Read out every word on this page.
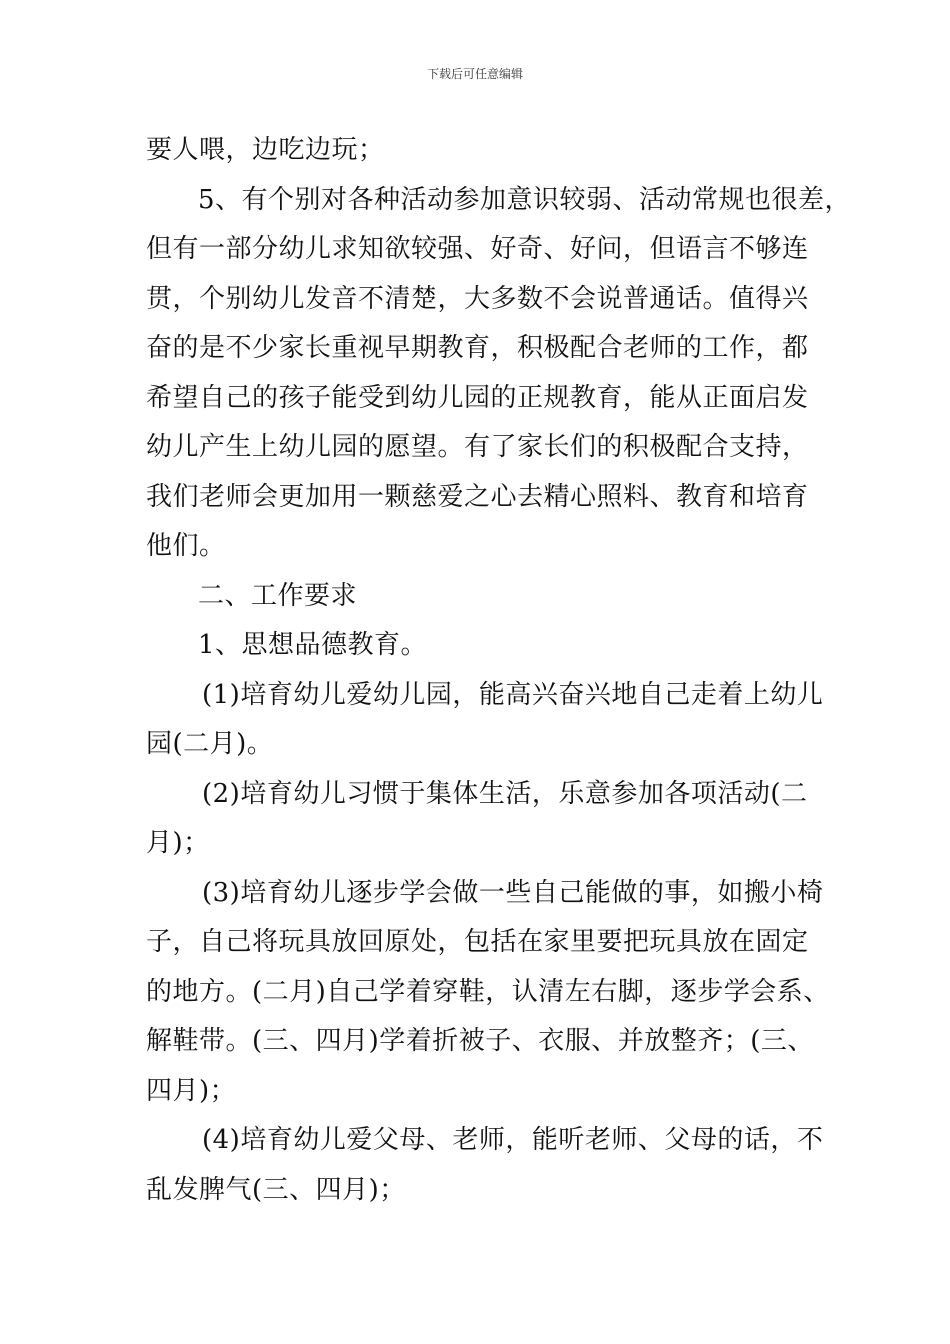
下载后可任意编辑

要人喂，边吃边玩；

5、有个别对各种活动参加意识较弱、活动常规也很差，
但有一部分幼儿求知欲较强、好奇、好问，但语言不够连
贯，个别幼儿发音不清楚，大多数不会说普通话。值得兴
奋的是不少家长重视早期教育，积极配合老师的工作，都
希望自己的孩子能受到幼儿园的正规教育，能从正面启发
幼儿产生上幼儿园的愿望。有了家长们的积极配合支持，
我们老师会更加用一颗慈爱之心去精心照料、教育和培育
他们。

二、工作要求

1、思想品德教育。

(1)培育幼儿爱幼儿园，能高兴奋兴地自己走着上幼儿
园(二月)。

(2)培育幼儿习惯于集体生活，乐意参加各项活动(二
月)；

(3)培育幼儿逐步学会做一些自己能做的事，如搬小椅
子，自己将玩具放回原处，包括在家里要把玩具放在固定
的地方。(二月)自己学着穿鞋，认清左右脚，逐步学会系、
解鞋带。(三、四月)学着折被子、衣服、并放整齐；(三、
四月)；

(4)培育幼儿爱父母、老师，能听老师、父母的话，不
乱发脾气(三、四月)；
